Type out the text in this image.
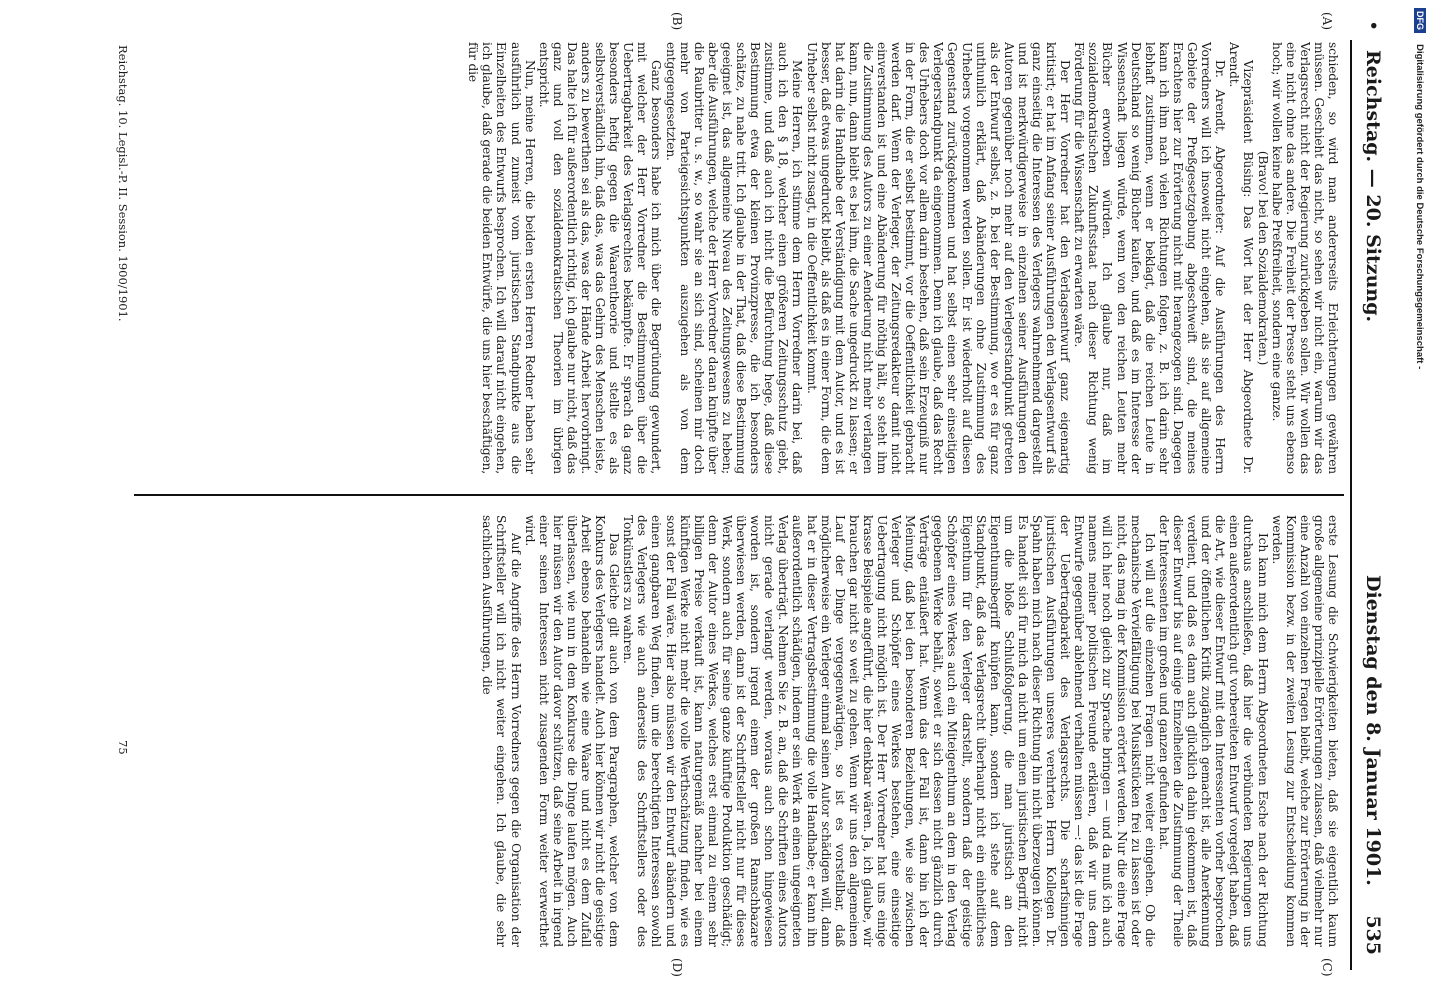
•
Reichstag. — 20. Sitzung.
Dienstag den 8. Januar 1901.
535
(A)
(B)
(C)
(D)

schieden, so wird man andererseits Erleichterungen gewähren müssen. Geschieht das nicht, so sehen wir nicht ein, warum wir das Verlagsrecht nicht der Regierung zurückgeben sollen. Wir wollen das eine nicht ohne das andere. Die Freiheit der Presse steht uns ebenso hoch; wir wollen keine halbe Preßfreiheit, sondern eine ganze.

(Bravo! bei den Sozialdemokraten.)

Vizepräsident Büsing: Das Wort hat der Herr Abgeordnete Dr. Arendt.

Dr. Arendt, Abgeordneter: Auf die Ausführungen des Herrn Vorredners will ich insoweit nicht eingehen, als sie auf allgemeine Gebiete der Preßgesetzgebung abgeschweift sind, die meines Erachtens hier zur Erörterung nicht mit herangezogen sind. Dagegen kann ich ihm nach vielen Richtungen folgen, z. B. ich darin sehr lebhaft zustimmen, wenn er beklagt, daß die reichen Leute in Deutschland so wenig Bücher kaufen, und daß es im Interesse der Wissenschaft liegen würde, wenn von den reichen Leuten mehr Bücher erworben würden. Ich glaube nur, daß im sozialdemokratischen Zukunftsstaat nach dieser Richtung wenig Förderung für die Wissenschaft zu erwarten wäre.

Der Herr Vorredner hat den Verlagsentwurf ganz eigenartig kritisirt; er hat im Anfang seiner Ausführungen den Verlagsentwurf als ganz einseitig die Interessen des Verlegers wahrnehmend dargestellt und ist merkwürdigerweise in einzelnen seiner Ausführungen den Autoren gegenüber noch mehr auf den Verlegerstandpunkt getreten als der Entwurf selbst, z. B. bei der Bestimmung, wo er es für ganz unthunlich erklärt, daß Abänderungen ohne Zustimmung des Urhebers vorgenommen werden sollen. Er ist wiederholt auf diesen Gegenstand zurückgekommen und hat selbst einen sehr einseitigen Verlegerstandpunkt da eingenommen. Denn ich glaube, daß das Recht des Urhebers doch vor allem darin bestehen, daß sein Erzeugniß nur in der Form, die er selbst bestimmt, vor die Oeffentlichkeit gebracht werden darf. Wenn der Verleger, der Zeitungsredakteur damit nicht einverstanden ist und eine Abänderung für nöthig hält, so steht ihm die Zustimmung des Autors zu einer Aenderung nicht mehr verlangen kann, nun, dann bleibt es bei ihm, die Sache ungedruckt zu lassen; er hat darin die Handhabe der Verständigung mit dem Autor, und es ist besser, daß etwas ungedruckt bleibt, als daß es in einer Form, die dem Urheber selbst nicht zusagt, in die Oeffentlichkeit kommt.

Meine Herren, ich stimme dem Herrn Vorredner darin bei, daß auch ich den § 18, welcher einen größeren Zeitungsschutz giebt, zustimme, und daß auch ich nicht die Befürchtung hege, daß diese Bestimmung etwa der kleinen Provinzpresse, die ich besonders schätze, zu nahe tritt. Ich glaube in der That, daß diese Bestimmung geeignet ist, das allgemeine Niveau des Zeitungswesens zu heben; aber die Ausführungen, welche der Herr Vorredner daran knüpfte über die Raubritter u. s. w., so wahr sie an sich sind, scheinen mir doch mehr von Parteigesichtspunkten auszugehen als von dem entgegengesetzten.

Ganz besonders habe ich mich über die Begründung gewundert, mit welcher der Herr Vorredner die Bestimmungen über die Uebertragbarkeit des Verlagsrechtes bekämpfte. Er sprach da ganz besonders heftig gegen die Waarentheorie und stellte es als selbstverständlich hin, daß das, was das Gehirn des Menschen leiste, anders zu bewerthen sei als das, was der Hände Arbeit hervorbringt. Das halte ich für außerordentlich richtig, ich glaube nur nicht, daß das ganz und voll den sozialdemokratischen Theorien im übrigen entspricht.

Nun, meine Herren, die beiden ersten Herren Redner haben sehr ausführlich und zumeist vom juristischen Standpunkte aus die Einzelheiten des Entwurfs besprochen. Ich will darauf nicht eingehen, ich glaube, daß gerade die beiden Entwürfe, die uns hier beschäftigen, für die

erste Lesung die Schwierigkeiten bieten, daß sie eigentlich kaum große allgemeine prinzipielle Erörterungen zulassen, daß vielmehr nur eine Anzahl von einzelnen Fragen bleibt, welche zur Erörterung in der Kommission bezw. in der zweiten Lesung zur Entscheidung kommen werden.

Ich kann mich dem Herrn Abgeordneten Esche nach der Richtung durchaus anschließen, daß hier die verbündeten Regierungen uns einen außerordentlich gut vorbereiteten Entwurf vorgelegt haben, daß die Art, wie dieser Entwurf mit den Interessenten vorher besprochen und der öffentlichen Kritik zugänglich gemacht ist, alle Anerkennung verdient, und daß es dann auch glücklich dahin gekommen ist, daß dieser Entwurf bis auf einige Einzelheiten die Zustimmung der Theile der Interessenten im großen und ganzen gefunden hat.

Ich will auf die einzelnen Fragen nicht weiter eingehen. Ob die mechanische Vervielfältigung bei Musikstücken frei zu lassen ist oder nicht, das mag in der Kommission erörtert werden. Nur die eine Frage will ich hier noch gleich zur Sprache bringen — und da muß ich auch namens meiner politischen Freunde erklären, daß wir uns dem Entwurfe gegenüber ablehnend verhalten müssen —: das ist die Frage der Uebertragbarkeit des Verlagsrechts. Die scharfsinnigen juristischen Ausführungen unseres verehrten Herrn Kollegen Dr. Spahn haben mich nach dieser Richtung hin nicht überzeugen können. Es handelt sich für mich da nicht um einen juristischen Begriff, nicht um die bloße Schlußfolgerung, die man juristisch an den Eigenthumsbegriff knüpfen kann, sondern ich stehe auf dem Standpunkt, daß das Verlagsrecht überhaupt nicht ein einheitliches Eigenthum für den Verleger darstellt, sondern daß der geistige Schöpfer eines Werkes auch ein Miteigenthum an dem in den Verlag gegebenen Werke behält, soweit er sich dessen nicht gänzlich durch Verträge entäußert hat. Wenn das der Fall ist, dann bin ich der Meinung, daß bei den besonderen Beziehungen, wie sie zwischen Verleger und Schöpfer eines Werkes bestehen, eine einseitige Uebertragung nicht möglich ist. Der Herr Vorredner hat uns einige krasse Beispiele angeführt, die hier denkbar wären. Ja, ich glaube, wir brauchen gar nicht so weit zu gehen. Wenn wir uns den allgemeinen Lauf der Dinge vergegenwärtigen, so ist es vorstellbar, daß möglicherweise ein Verleger einmal seinen Autor schädigen will, dann hat er in dieser Vertragsbestimmung die volle Handhabe; er kann ihn außerordentlich schädigen, indem er sein Werk an einen ungeeigneten Verlag überträgt. Nehmen Sie z. B. an, daß die Schriften eines Autors nicht gerade verlangt werden, woraus auch schon hingewiesen worden ist, sondern irgend einem der großen Ramschbazare überwiesen werden, dann ist der Schriftsteller nicht nur für dieses Werk, sondern auch für seine ganze künftige Produktion geschädigt; denn der Autor eines Werkes, welches erst einmal zu einem sehr billigen Preise verkauft ist, kann naturgemäß nachher bei einem künftigen Werke nicht mehr die volle Werthschätzung finden, wie es sonst der Fall wäre. Hier also müssen wir den Entwurf abändern und einen gangbaren Weg finden, um die berechtigten Interessen sowohl des Verlegers wie auch anderseits des Schriftstellers oder des Tonkünstlers zu wahren.

Das Gleiche gilt auch von dem Paragraphen, welcher von dem Konkurs des Verlegers handelt. Auch hier können wir nicht die geistige Arbeit ebenso behandeln wie eine Waare und nicht es dem Zufall überlassen, wie nun in dem Konkurse die Dinge laufen mögen. Auch hier müssen wir den Autor davor schützen, daß seine Arbeit in irgend einer seinen Interessen nicht zusagenden Form weiter verwerthet wird.

Auf die Angriffe des Herrn Vorredners gegen die Organisation der Schriftsteller will ich nicht weiter eingehen. Ich glaube, die sehr sachlichen Ausführungen, die

Reichstag. 10. Legisl.-P. II. Session. 1900/1901.
75
DFG Digitalisierung gefördert durch die Deutsche Forschungsgemeinschaft -
